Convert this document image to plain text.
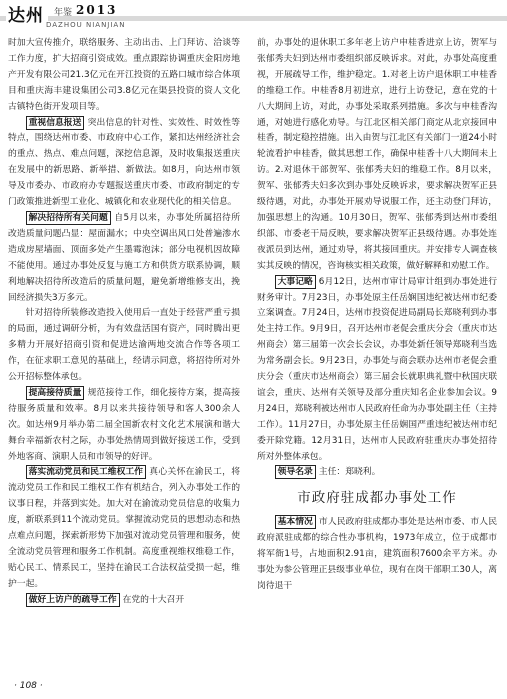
达州	年鉴 2013
DAZHOU NIANJIAN

时加大宣传推介，联络服务、主动出击、上门拜访、洽谈等工作力度，扩大招商引资成效。重点跟踪协调重庆金阳房地产开发有限公司21.3亿元在开江投资的五路口城市综合体项目和重庆海丰建设集团公司3.8亿元在渠县投资的资人文化古镇特色街开发项目等。

重视信息报送 突出信息的针对性、实效性、时效性等特点，围绕达州市委、市政府中心工作，紧扣达州经济社会的重点、热点、难点问题，深挖信息源，及时收集报送重庆在发展中的新思路、新举措、新做法。如8月，向达州市领导及市委办、市政府办专题报送重庆市委、市政府制定的专门政策推进新型工业化、城镇化和农业现代化的相关信息。

解决招待所有关问题 自5月以来，办事处所属招待所改造质量问题凸显：屋面漏水；中央空调出风口处普遍渗水造成房屋墙面、顶面多处产生墨霉泡沫；部分电视机因故障不能使用。通过办事处反复与施工方和供货方联系协调，顺利地解决招待所改造后的质量问题，避免新增维修支出，挽回经济损失3万多元。

针对招待所装修改造投入使用后一直处于经营严重亏损的局面，通过调研分析，为有效盘活国有资产，同时腾出更多精力开展好招商引资和促进达渝两地交流合作等各项工作，在征求职工意见的基础上，经请示同意，将招待所对外公开招标整体承包。

提高接待质量 规范接待工作，细化接待方案，提高接待服务质量和效率。8月以来共接待领导和客人300余人次。如达州9月举办第二届全国新农村文化艺术展演和谐大舞台幸福新农村之际，办事处热情周到做好接送工作，受到外地客商、演职人员和市领导的好评。

落实流动党员和民工维权工作 真心关怀在渝民工，将流动党员工作和民工维权工作有机结合，列入办事处工作的议事日程，并落到实处。加大对在渝流动党员信息的收集力度，新联系到11个流动党员。掌握流动党员的思想动态和热点难点问题，探索新形势下加强对流动党员管理和服务，使全流动党员管理和服务工作机制。高度重视维权维稳工作，贴心民工、情系民工，坚持在渝民工合法权益受损一起，维护一起。

做好上访户的疏导工作 在党的十大召开

前，办事处的退休职工多年老上访户申桂香进京上访，贺军与张郁秀夫妇到达州市委组织部反映诉求。对此，办事处高度重视，开展疏导工作，维护稳定。1.对老上访户退休职工申桂香的维稳工作。申桂香8月初进京，进行上访登记，意在党的十八大期间上访，对此，办事处采取系列措施。多次与申桂香沟通，对她进行感化劝导。与江北区相关部门商定从北京接回申桂香，制定稳控措施。出入由贺与江北区有关部门一道24小时轮流看护申桂香，做其思想工作，确保申桂香十八大期间未上访。2.对退休干部贺军、张郁秀夫妇的维稳工作。8月以来，贺军、张郁秀夫妇多次到办事处反映诉求，要求解决贺军正县级待遇，对此，办事处开展劝导说服工作，还主动登门拜访，加强思想上的沟通。10月30日，贺军、张郁秀到达州市委组织部、市委老干局反映，要求解决贺军正县级待遇。办事处连夜派员到达州，通过劝导，将其接回重庆。并安排专人调查核实其反映的情况，咨询核实相关政策，做好解释和劝慰工作。

大事记略 6月12日，达州市审计局审计组到办事处进行财务审计。7月23日，办事处原主任岳娴国违纪被达州市纪委立案调查。7月24日，达州市投资促进局副局长郑晓利到办事处主持工作。9月9日，召开达州市老促会重庆分会（重庆市达州商会）第三届第一次会长会议，办事处新任领导郑晓利当选为常务副会长。9月23日，办事处与商会联办达州市老促会重庆分会（重庆市达州商会）第三届会长就职典礼暨中秋国庆联谊会，重庆、达州有关领导及部分重庆知名企业参加会议。9月24日，郑晓利被达州市人民政府任命为办事处副主任（主持工作）。11月27日，办事处原主任岳娴国严重违纪被达州市纪委开除党籍。12月31日，达州市人民政府驻重庆办事处招待所对外整体承包。

领导名录 主任：郑晓利。

市政府驻成都办事处工作

基本情况 市人民政府驻成都办事处是达州市委、市人民政府派驻成都的综合性办事机构，1973年成立，位于成都市将军衙1号，占地面积2.91亩，建筑面积7600余平方米。办事处为参公管理正县级事业单位，现有在岗干部职工30人，离岗待退干

· 108 ·
